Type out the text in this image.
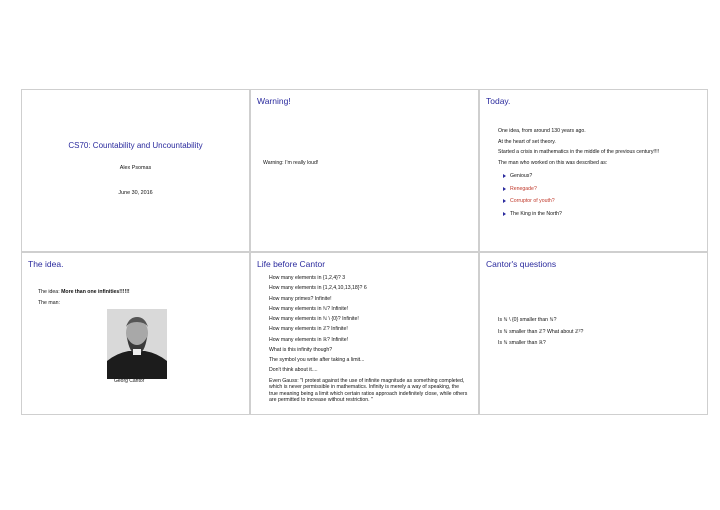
CS70: Countability and Uncountability
Alex Psomas
June 30, 2016
Warning!
Warning: I'm really loud!
Today.
One idea, from around 130 years ago.
At the heart of set theory.
Started a crisis in mathematics in the middle of the previous century!!!!
The man who worked on this was described as:
Genious?
Renegade?
Corruptor of youth?
The King in the North?
The idea.
The idea: More than one infinities!!!!!!
The man:
Georg Cantor
Life before Cantor
How many elements in {1,2,4}? 3
How many elements in {1,2,4,10,13,18}? 6
How many primes? Infinite!
How many elements in ℕ? Infinite!
How many elements in ℕ \ {0}? Infinite!
How many elements in ℤ? Infinite!
How many elements in ℝ? Infinite!
What is this infinity though?
The symbol you write after taking a limit...
Don't think about it....
Even Gauss: "I protest against the use of infinite magnitude as something completed, which is never permissible in mathematics. Infinity is merely a way of speaking, the true meaning being a limit which certain ratios approach indefinitely close, while others are permitted to increase without restriction. "
Cantor's questions
Is ℕ \ {0} smaller than ℕ?
Is ℕ smaller than ℤ? What about ℤ²?
Is ℕ smaller than ℝ?
